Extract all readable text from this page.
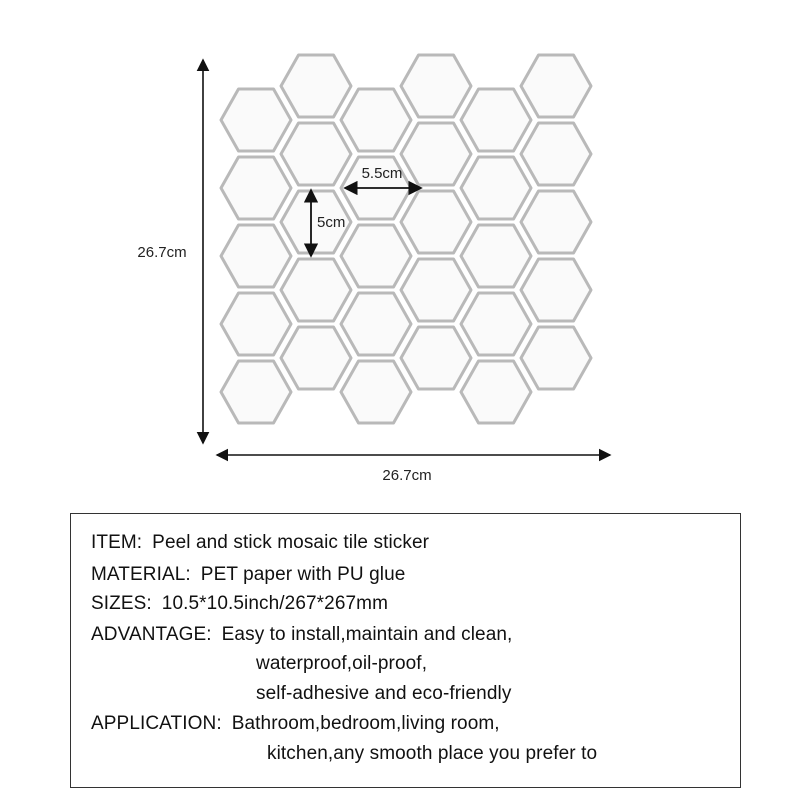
26.7cm
26.7cm
5.5cm
5cm
ITEM: Peel and stick mosaic tile sticker
MATERIAL: PET paper with PU glue
SIZES: 10.5*10.5inch/267*267mm
ADVANTAGE: Easy to install,maintain and clean,
waterproof,oil-proof,
self-adhesive and eco-friendly
APPLICATION: Bathroom,bedroom,living room,
kitchen,any smooth place you prefer to
